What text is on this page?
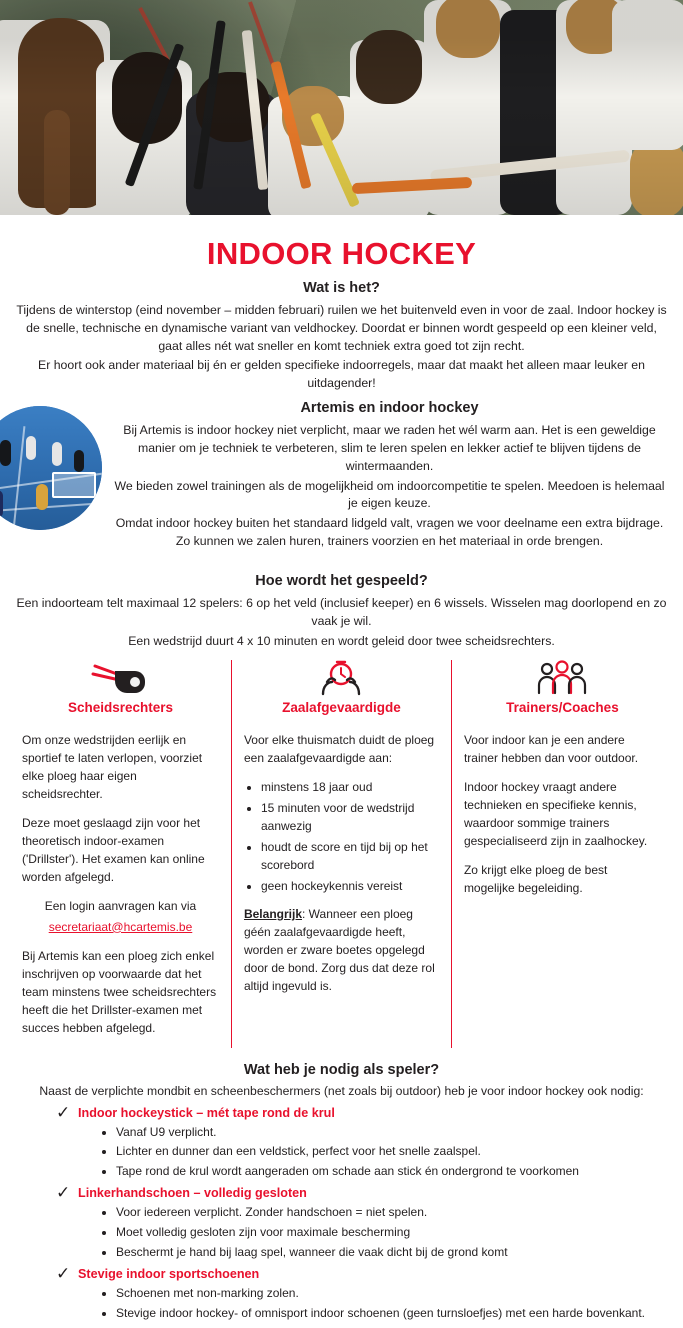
INDOOR HOCKEY
Wat is het?

Tijdens de winterstop (eind november – midden februari) ruilen we het buitenveld even in voor de zaal. Indoor hockey is de snelle, technische en dynamische variant van veldhockey. Doordat er binnen wordt gespeeld op een kleiner veld, gaat alles nét wat sneller en komt techniek extra goed tot zijn recht.

Er hoort ook ander materiaal bij én er gelden specifieke indoorregels, maar dat maakt het alleen maar leuker en uitdagender!

Artemis en indoor hockey

Bij Artemis is indoor hockey niet verplicht, maar we raden het wél warm aan. Het is een geweldige manier om je techniek te verbeteren, slim te leren spelen en lekker actief te blijven tijdens de wintermaanden.

We bieden zowel trainingen als de mogelijkheid om indoorcompetitie te spelen. Meedoen is helemaal je eigen keuze.

Omdat indoor hockey buiten het standaard lidgeld valt, vragen we voor deelname een extra bijdrage. Zo kunnen we zalen huren, trainers voorzien en het materiaal in orde brengen.

Hoe wordt het gespeeld?

Een indoorteam telt maximaal 12 spelers: 6 op het veld (inclusief keeper) en 6 wissels. Wisselen mag doorlopend en zo vaak je wil.

Een wedstrijd duurt 4 x 10 minuten en wordt geleid door twee scheidsrechters.

Scheidsrechters

Om onze wedstrijden eerlijk en sportief te laten verlopen, voorziet elke ploeg haar eigen scheidsrechter.

Deze moet geslaagd zijn voor het theoretisch indoor-examen ('Drillster'). Het examen kan online worden afgelegd.

Een login aanvragen kan via

secretariaat@hcartemis.be

Bij Artemis kan een ploeg zich enkel inschrijven op voorwaarde dat het team minstens twee scheidsrechters heeft die het Drillster-examen met succes hebben afgelegd.

Zaalafgevaardigde

Voor elke thuismatch duidt de ploeg een zaalafgevaardigde aan:

• minstens 18 jaar oud
• 15 minuten voor de wedstrijd aanwezig
• houdt de score en tijd bij op het scorebord
• geen hockeykennis vereist

Belangrijk: Wanneer een ploeg géén zaalafgevaardigde heeft, worden er zware boetes opgelegd door de bond. Zorg dus dat deze rol altijd ingevuld is.

Trainers/Coaches

Voor indoor kan je een andere trainer hebben dan voor outdoor.

Indoor hockey vraagt andere technieken en specifieke kennis, waardoor sommige trainers gespecialiseerd zijn in zaalhockey.

Zo krijgt elke ploeg de best mogelijke begeleiding.

Wat heb je nodig als speler?
Naast de verplichte mondbit en scheenbeschermers (net zoals bij outdoor) heb je voor indoor hockey ook nodig:
✓ Indoor hockeystick – mét tape rond de krul
• Vanaf U9 verplicht.
• Lichter en dunner dan een veldstick, perfect voor het snelle zaalspel.
• Tape rond de krul wordt aangeraden om schade aan stick én ondergrond te voorkomen
✓ Linkerhandschoen – volledig gesloten
• Voor iedereen verplicht. Zonder handschoen = niet spelen.
• Moet volledig gesloten zijn voor maximale bescherming
• Beschermt je hand bij laag spel, wanneer die vaak dicht bij de grond komt
✓ Stevige indoor sportschoenen
• Schoenen met non-marking zolen.
• Stevige indoor hockey- of omnisport indoor schoenen (geen turnsloefjes) met een harde bovenkant.
